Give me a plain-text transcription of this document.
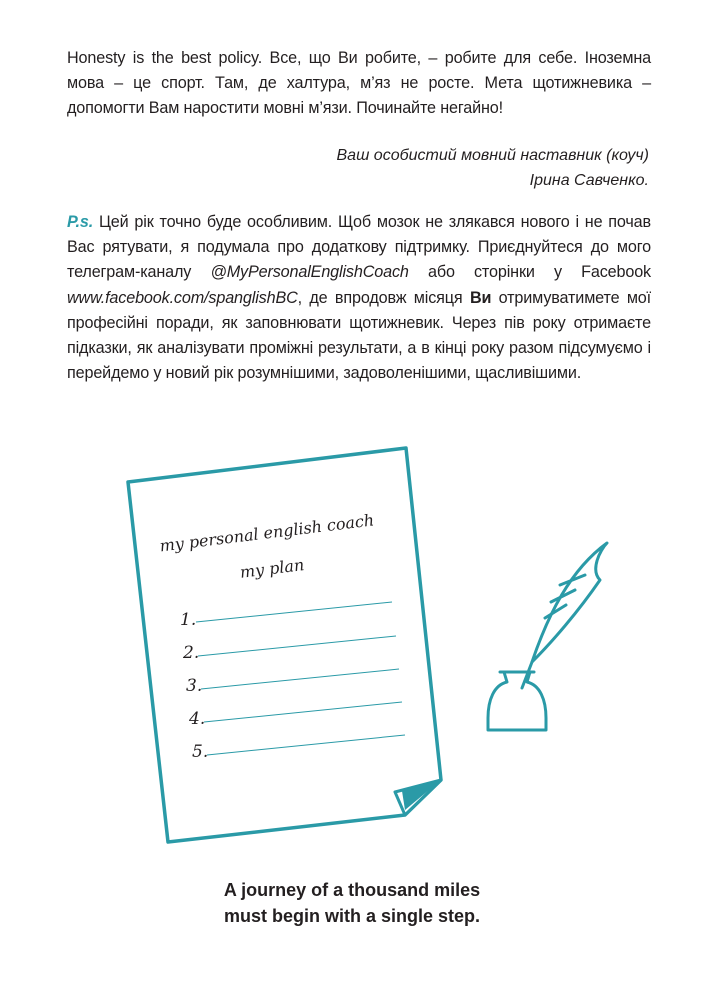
Honesty is the best policy. Все, що Ви робите, – робите для себе. Іноземна мова – це спорт. Там, де халтура, м’яз не росте. Мета щотижневика – допомогти Вам наростити мовні м’язи. Починайте негайно!

Ваш особистий мовний наставник (коуч)
Ірина Савченко.

P.s. Цей рік точно буде особливим. Щоб мозок не злякався нового і не почав Вас рятувати, я подумала про додаткову підтримку. Приєднуйтеся до мого телеграм-каналу @MyPersonalEnglishCoach або сторінки у Facebook www.facebook.com/spanglishBC, де впродовж місяця Ви отримуватимете мої професійні поради, як заповнювати щотижневик. Через пів року отримаєте підказки, як аналізувати проміжні результати, а в кінці року разом підсумуємо і перейдемо у новий рік розумнішими, задоволенішими, щасливішими.

my personal english coach
my plan
1.
2.
3.
4.
5.
A journey of a thousand miles
must begin with a single step.
